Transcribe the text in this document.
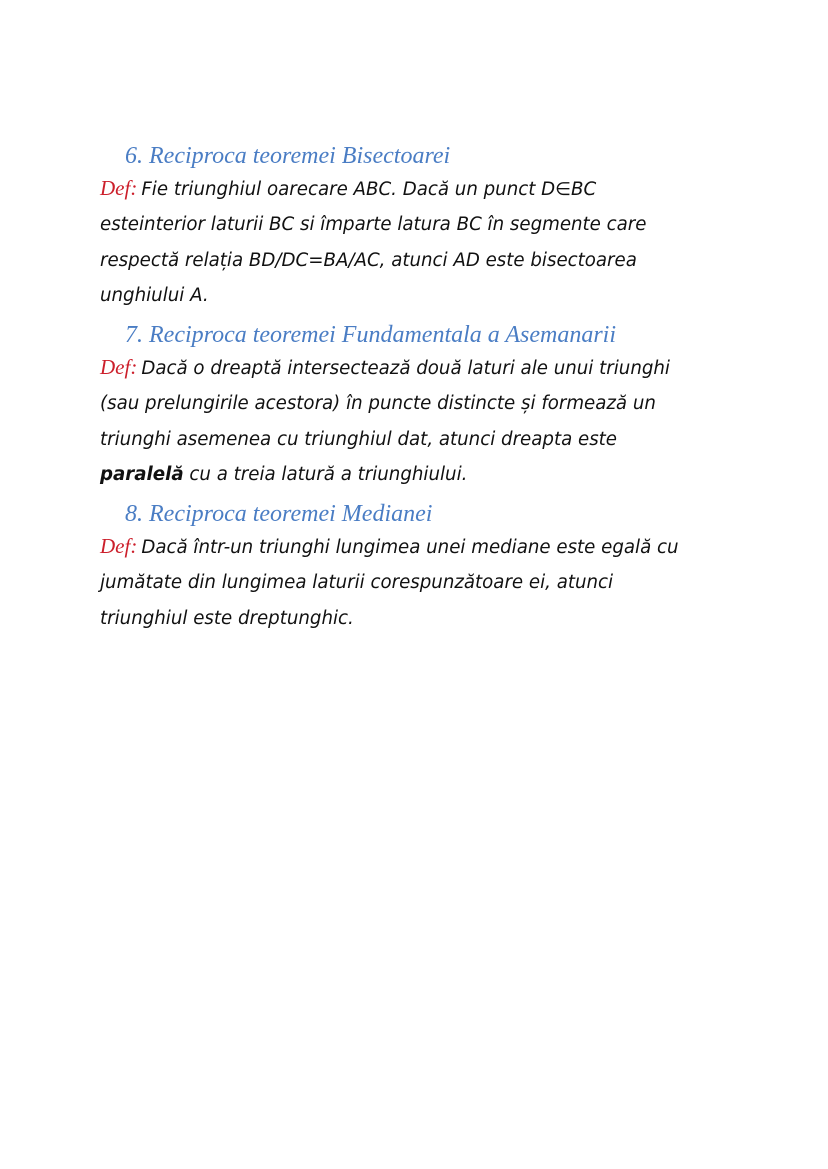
6. Reciproca teoremei Bisectoarei

Def: Fie triunghiul oarecare ABC. Dacă un punct D∈BC
esteinterior laturii BC si împarte latura BC în segmente care
respectă relația BD/DC=BA/AC, atunci AD este bisectoarea
unghiului A.

7. Reciproca teoremei Fundamentala a Asemanarii

Def: Dacă o dreaptă intersectează două laturi ale unui triunghi
(sau prelungirile acestora) în puncte distincte și formează un
triunghi asemenea cu triunghiul dat, atunci dreapta este
paralelă cu a treia latură a triunghiului.

8. Reciproca teoremei Medianei

Def: Dacă într-un triunghi lungimea unei mediane este egală cu
jumătate din lungimea laturii corespunzătoare ei, atunci
triunghiul este dreptunghic.
